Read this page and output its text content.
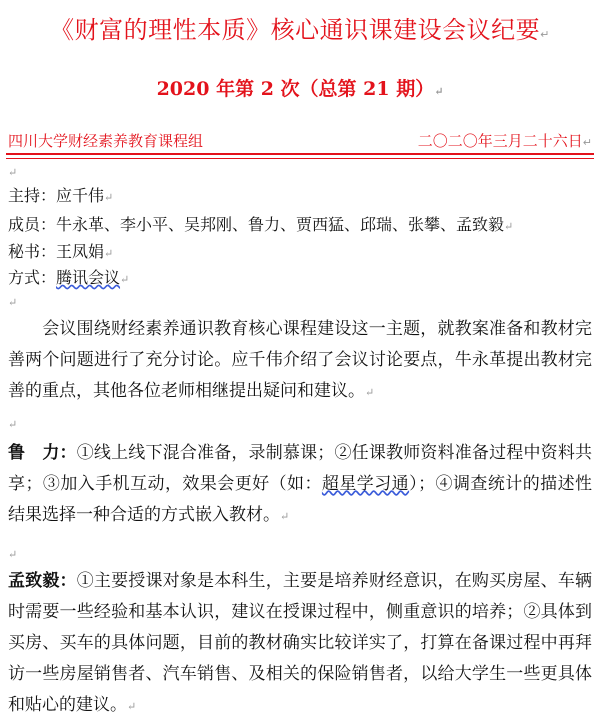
《财富的理性本质》核心通识课建设会议纪要↵
2020 年第 2 次（总第 21 期）↵
四川大学财经素养教育课程组	二〇二〇年三月二十六日↵
↵
主持：应千伟↵
成员：牛永革、李小平、吴邦刚、鲁力、贾西猛、邱瑞、张攀、孟致毅↵
秘书：王凤娟↵
方式：腾讯会议↵
↵
会议围绕财经素养通识教育核心课程建设这一主题，就教案准备和教材完善两个问题进行了充分讨论。应千伟介绍了会议讨论要点，牛永革提出教材完善的重点，其他各位老师相继提出疑问和建议。↵
↵
鲁　力：①线上线下混合准备，录制慕课；②任课教师资料准备过程中资料共享；③加入手机互动，效果会更好（如：超星学习通）；④调查统计的描述性结果选择一种合适的方式嵌入教材。↵
↵
孟致毅：①主要授课对象是本科生，主要是培养财经意识，在购买房屋、车辆时需要一些经验和基本认识，建议在授课过程中，侧重意识的培养；②具体到买房、买车的具体问题，目前的教材确实比较详实了，打算在备课过程中再拜访一些房屋销售者、汽车销售、及相关的保险销售者，以给大学生一些更具体和贴心的建议。↵
